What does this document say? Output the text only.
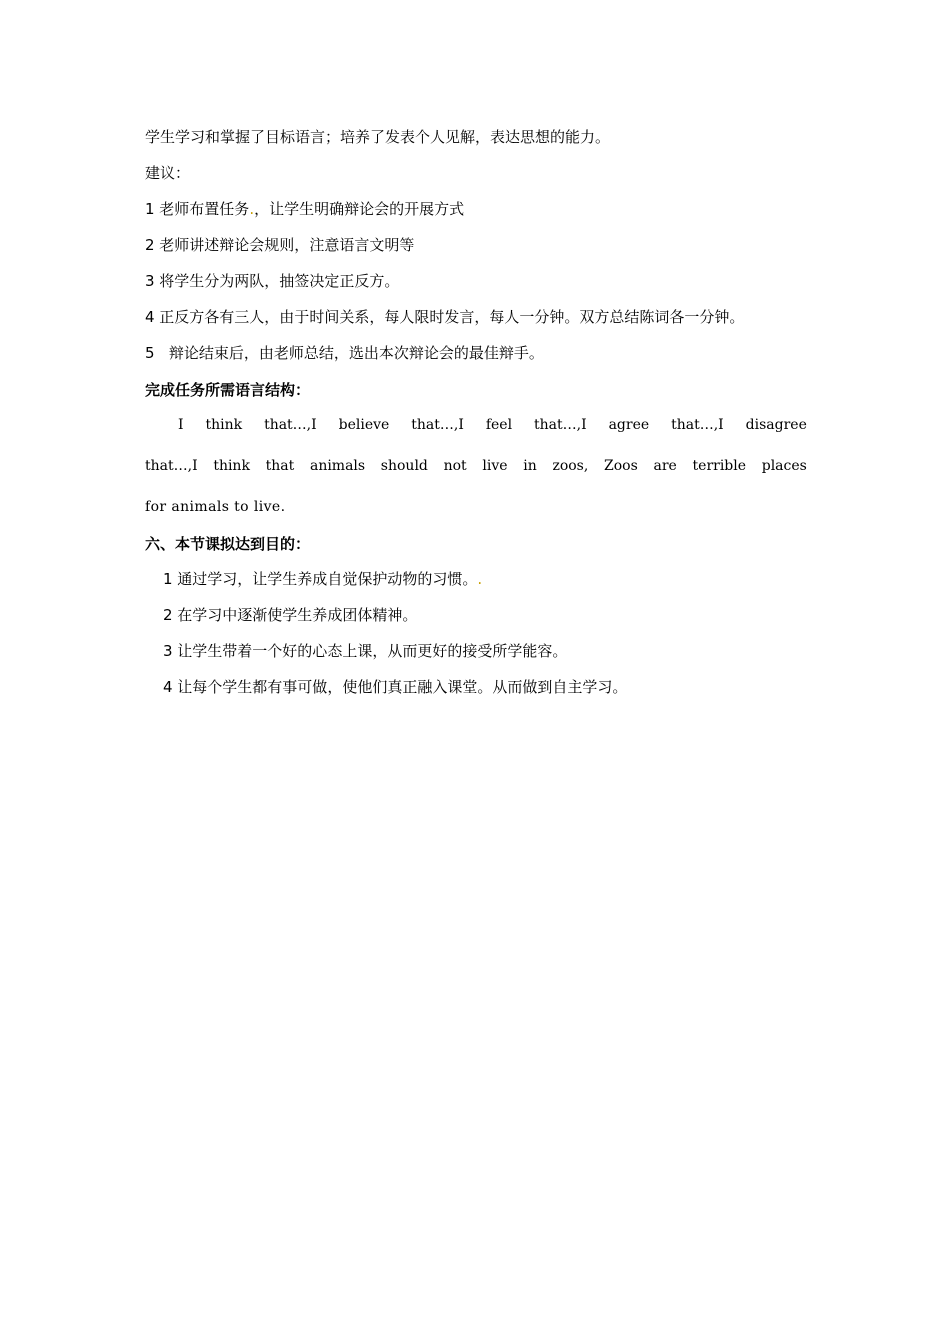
学生学习和掌握了目标语言；培养了发表个人见解，表达思想的能力。
建议：
1 老师布置任务.，让学生明确辩论会的开展方式
2 老师讲述辩论会规则，注意语言文明等
3 将学生分为两队，抽签决定正反方。
4 正反方各有三人，由于时间关系，每人限时发言，每人一分钟。双方总结陈词各一分钟。
5   辩论结束后，由老师总结，选出本次辩论会的最佳辩手。
完成任务所需语言结构：
I think that…,I believe that…,I feel that…,I agree that…,I disagree
that…,I think that animals should not live in zoos, Zoos are terrible places
for animals to live.
六、本节课拟达到目的：
1 通过学习，让学生养成自觉保护动物的习惯。.
2 在学习中逐渐使学生养成团体精神。
3 让学生带着一个好的心态上课，从而更好的接受所学能容。
4 让每个学生都有事可做，使他们真正融入课堂。从而做到自主学习。
